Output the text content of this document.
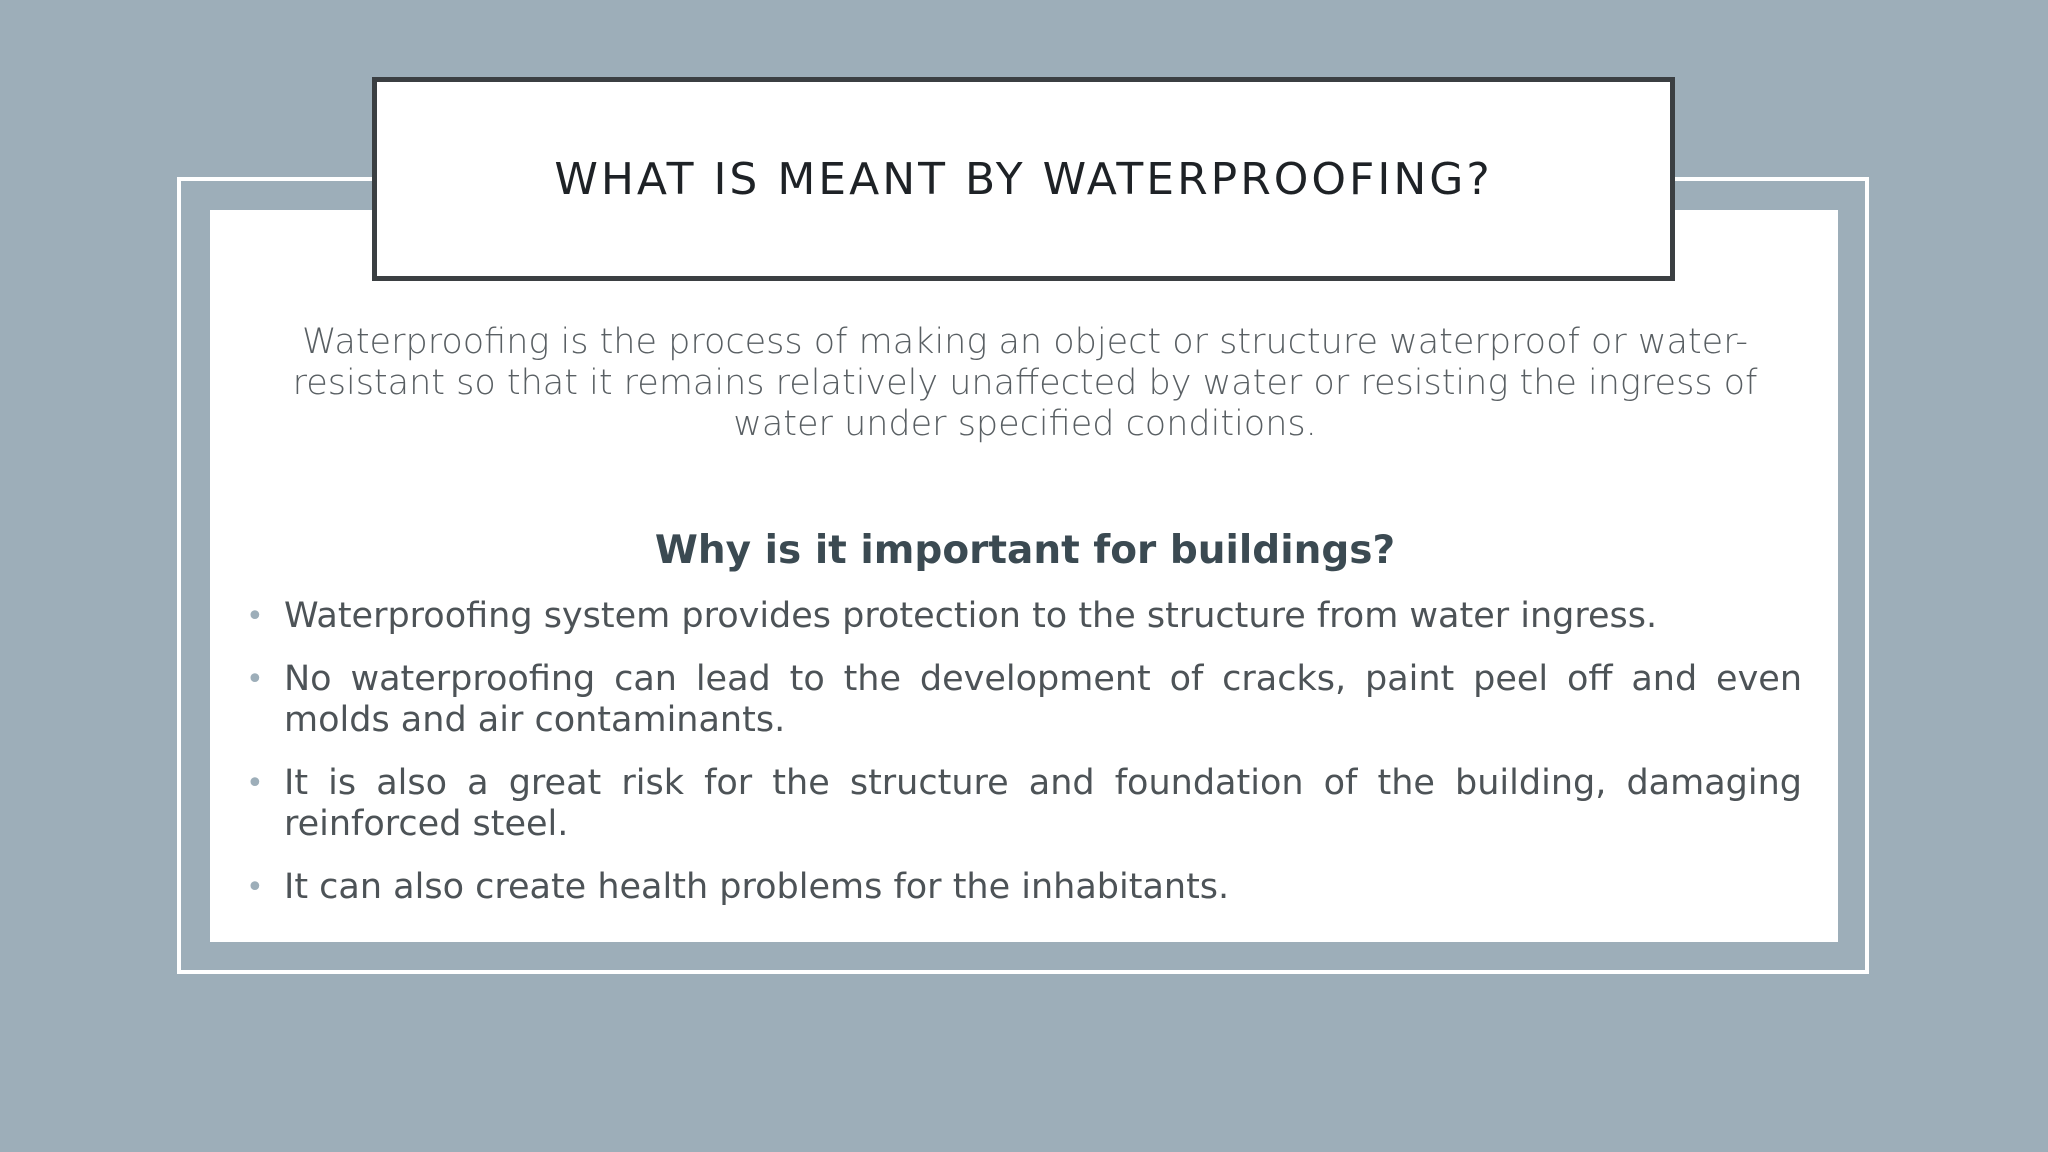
WHAT IS MEANT BY WATERPROOFING?

Waterproofing is the process of making an object or structure waterproof or water-resistant so that it remains relatively unaffected by water or resisting the ingress of water under specified conditions.

Why is it important for buildings?
• Waterproofing system provides protection to the structure from water ingress.
• No waterproofing can lead to the development of cracks, paint peel off and even molds and air contaminants.
• It is also a great risk for the structure and foundation of the building, damaging reinforced steel.
• It can also create health problems for the inhabitants.
